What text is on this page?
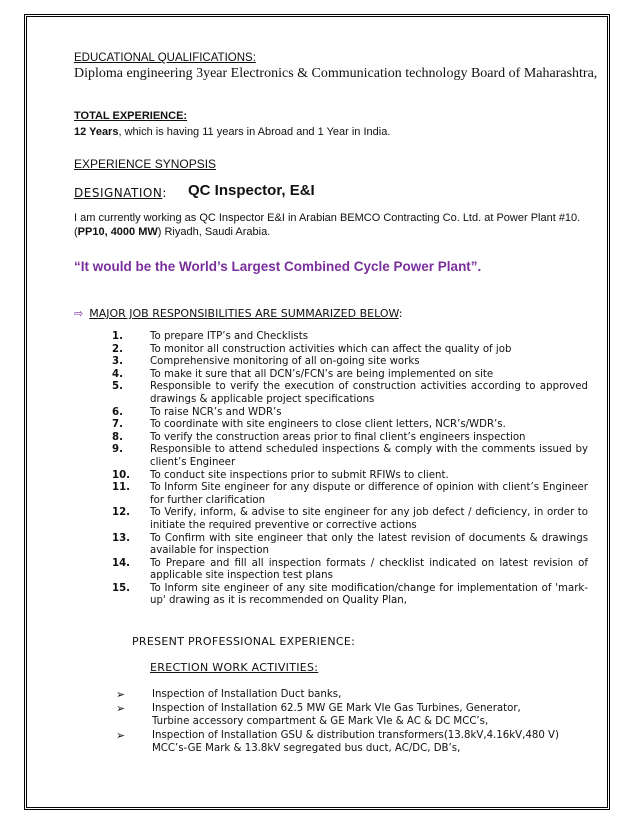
EDUCATIONAL QUALIFICATIONS:
Diploma engineering 3year Electronics & Communication technology Board of Maharashtra,
TOTAL EXPERIENCE:
12 Years, which is having 11 years in Abroad and 1 Year in India.
EXPERIENCE SYNOPSIS
DESIGNATION: QC Inspector, E&I
I am currently working as QC Inspector E&I in Arabian BEMCO Contracting Co. Ltd. at Power Plant #10. (PP10, 4000 MW) Riyadh, Saudi Arabia.
“It would be the World’s Largest Combined Cycle Power Plant”.
⇨ MAJOR JOB RESPONSIBILITIES ARE SUMMARIZED BELOW:
1.	To prepare ITP’s and Checklists
2.	To monitor all construction activities which can affect the quality of job
3.	Comprehensive monitoring of all on-going site works
4.	To make it sure that all DCN’s/FCN’s are being implemented on site
5.	Responsible to verify the execution of construction activities according to approved drawings & applicable project specifications
6.	To raise NCR’s and WDR’s
7.	To coordinate with site engineers to close client letters, NCR’s/WDR’s.
8.	To verify the construction areas prior to final client’s engineers inspection
9.	Responsible to attend scheduled inspections & comply with the comments issued by client’s Engineer
10. To conduct site inspections prior to submit RFIWs to client.
11. To Inform Site engineer for any dispute or difference of opinion with client’s Engineer for further clarification
12. To Verify, inform, & advise to site engineer for any job defect / deficiency, in order to initiate the required preventive or corrective actions
13. To Confirm with site engineer that only the latest revision of documents & drawings available for inspection
14. To Prepare and fill all inspection formats / checklist indicated on latest revision of applicable site inspection test plans
15. To Inform site engineer of any site modification/change for implementation of 'mark-up' drawing as it is recommended on Quality Plan,
PRESENT PROFESSIONAL EXPERIENCE:
ERECTION WORK ACTIVITIES:
➢	Inspection of Installation Duct banks,
➢	Inspection of Installation 62.5 MW GE Mark VIe Gas Turbines, Generator,
Turbine accessory compartment & GE Mark VIe & AC & DC MCC’s,
➢	Inspection of Installation GSU & distribution transformers(13.8kV,4.16kV,480 V)
MCC’s-GE Mark & 13.8kV segregated bus duct, AC/DC, DB’s,
